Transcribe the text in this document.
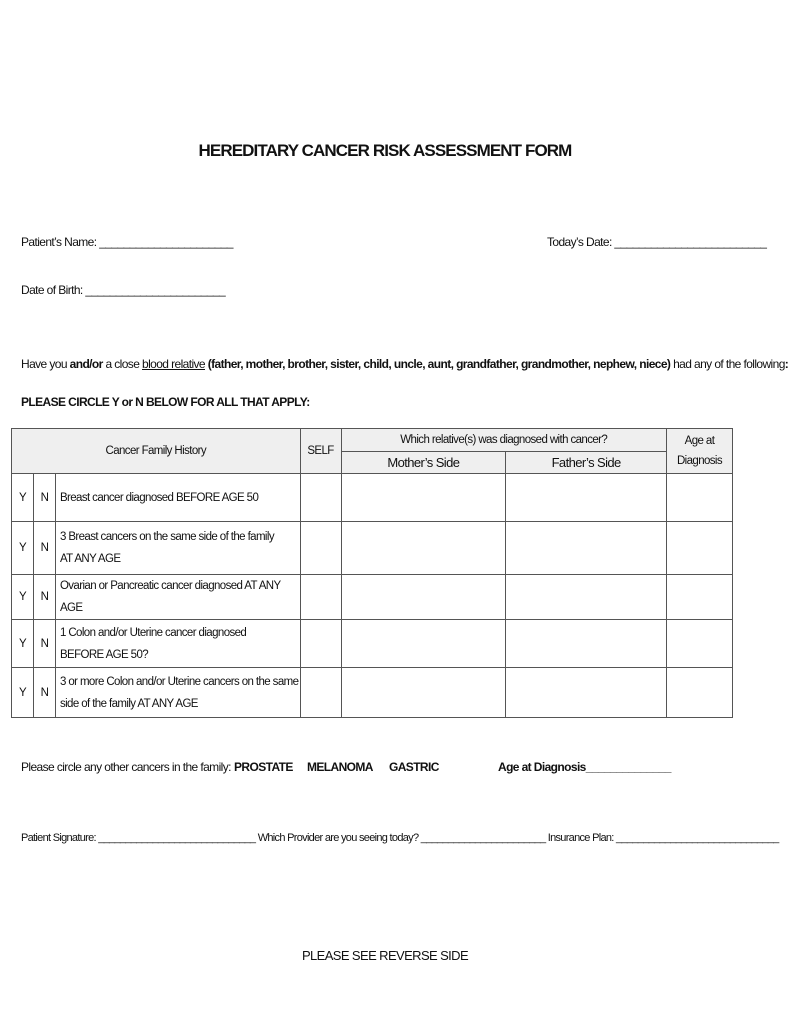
HEREDITARY CANCER RISK ASSESSMENT FORM
Patient’s Name: ______________________	Today’s Date: _________________________
Date of Birth: _______________________
Have you and/or a close blood relative (father, mother, brother, sister, child, uncle, aunt, grandfather, grandmother, nephew, niece) had any of the following:
PLEASE CIRCLE Y or N BELOW FOR ALL THAT APPLY:
Cancer Family History			SELF	Which relative(s) was diagnosed with cancer?		Age at
Diagnosis

				Mother’s Side	Father’s Side	
Y	N	Breast cancer diagnosed BEFORE AGE 50				

Y	N	3 Breast cancers on the same side of the family
AT ANY AGE				

Y	N	Ovarian or Pancreatic cancer diagnosed AT ANY AGE				

Y	N	1 Colon and/or Uterine cancer diagnosed
BEFORE AGE 50?				

Y	N	3 or more Colon and/or Uterine cancers on the same
side of the family AT ANY AGE				

Please circle any other cancers in the family: PROSTATE MELANOMA GASTRIC	Age at Diagnosis______________
Patient Signature: _____________________________ Which Provider are you seeing today? _______________________ Insurance Plan: ______________________________
PLEASE SEE REVERSE SIDE
